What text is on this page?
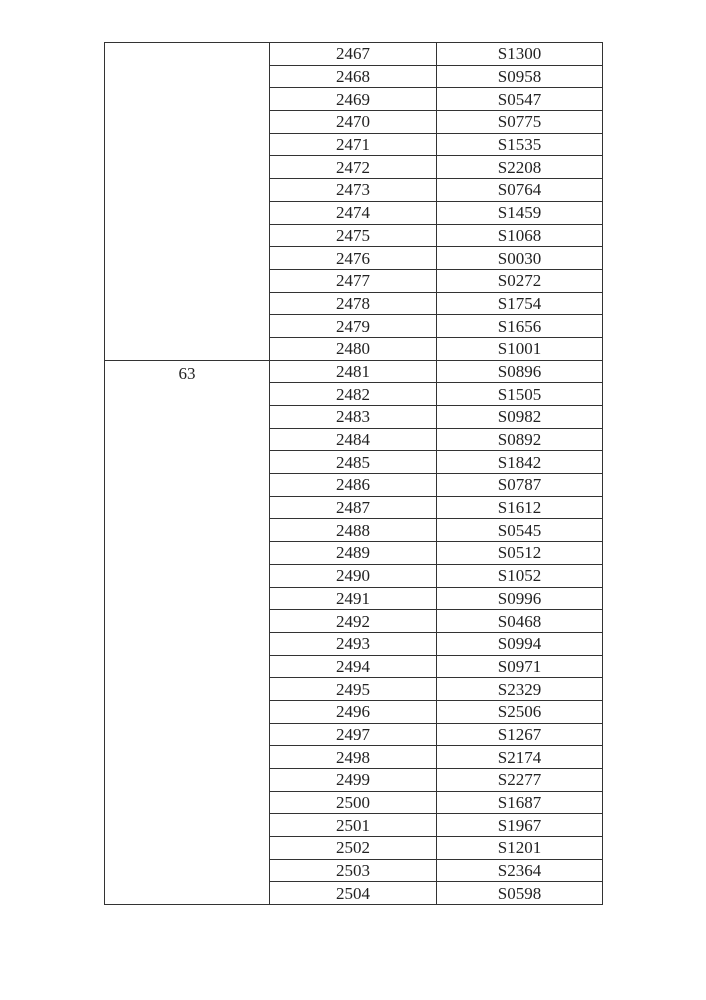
	2467	S1300
	2468	S0958
	2469	S0547
	2470	S0775
	2471	S1535
	2472	S2208
	2473	S0764
	2474	S1459
	2475	S1068
	2476	S0030
	2477	S0272
	2478	S1754
	2479	S1656
	2480	S1001
63	2481	S0896
	2482	S1505
	2483	S0982
	2484	S0892
	2485	S1842
	2486	S0787
	2487	S1612
	2488	S0545
	2489	S0512
	2490	S1052
	2491	S0996
	2492	S0468
	2493	S0994
	2494	S0971
	2495	S2329
	2496	S2506
	2497	S1267
	2498	S2174
	2499	S2277
	2500	S1687
	2501	S1967
	2502	S1201
	2503	S2364
	2504	S0598
